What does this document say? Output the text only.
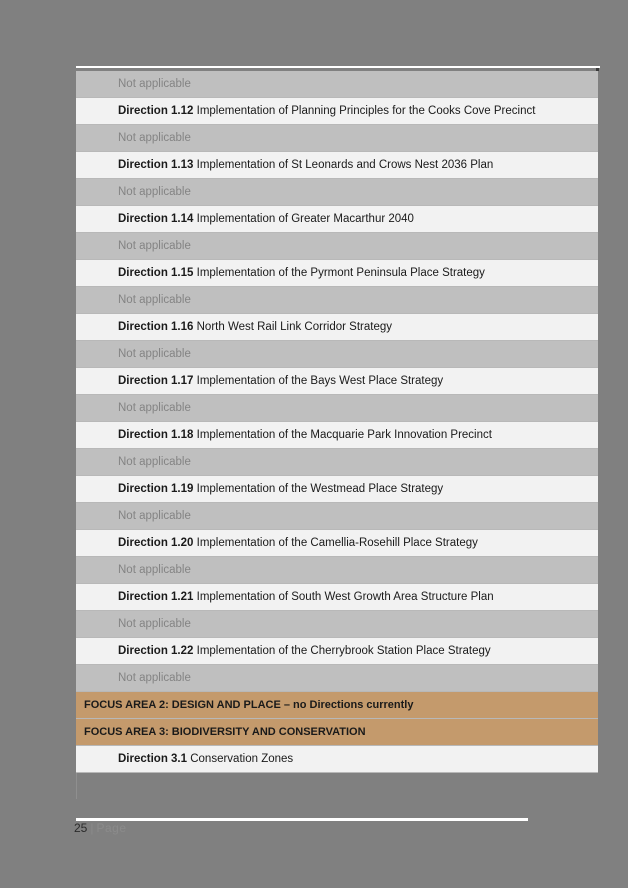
Not applicable
Direction 1.12 Implementation of Planning Principles for the Cooks Cove Precinct
Not applicable
Direction 1.13 Implementation of St Leonards and Crows Nest 2036 Plan
Not applicable
Direction 1.14 Implementation of Greater Macarthur 2040
Not applicable
Direction 1.15 Implementation of the Pyrmont Peninsula Place Strategy
Not applicable
Direction 1.16 North West Rail Link Corridor Strategy
Not applicable
Direction 1.17 Implementation of the Bays West Place Strategy
Not applicable
Direction 1.18 Implementation of the Macquarie Park Innovation Precinct
Not applicable
Direction 1.19 Implementation of the Westmead Place Strategy
Not applicable
Direction 1.20 Implementation of the Camellia-Rosehill Place Strategy
Not applicable
Direction 1.21 Implementation of South West Growth Area Structure Plan
Not applicable
Direction 1.22 Implementation of the Cherrybrook Station Place Strategy
Not applicable
FOCUS AREA 2: DESIGN AND PLACE – no Directions currently
FOCUS AREA 3: BIODIVERSITY AND CONSERVATION
Direction 3.1 Conservation Zones
25 | Page
